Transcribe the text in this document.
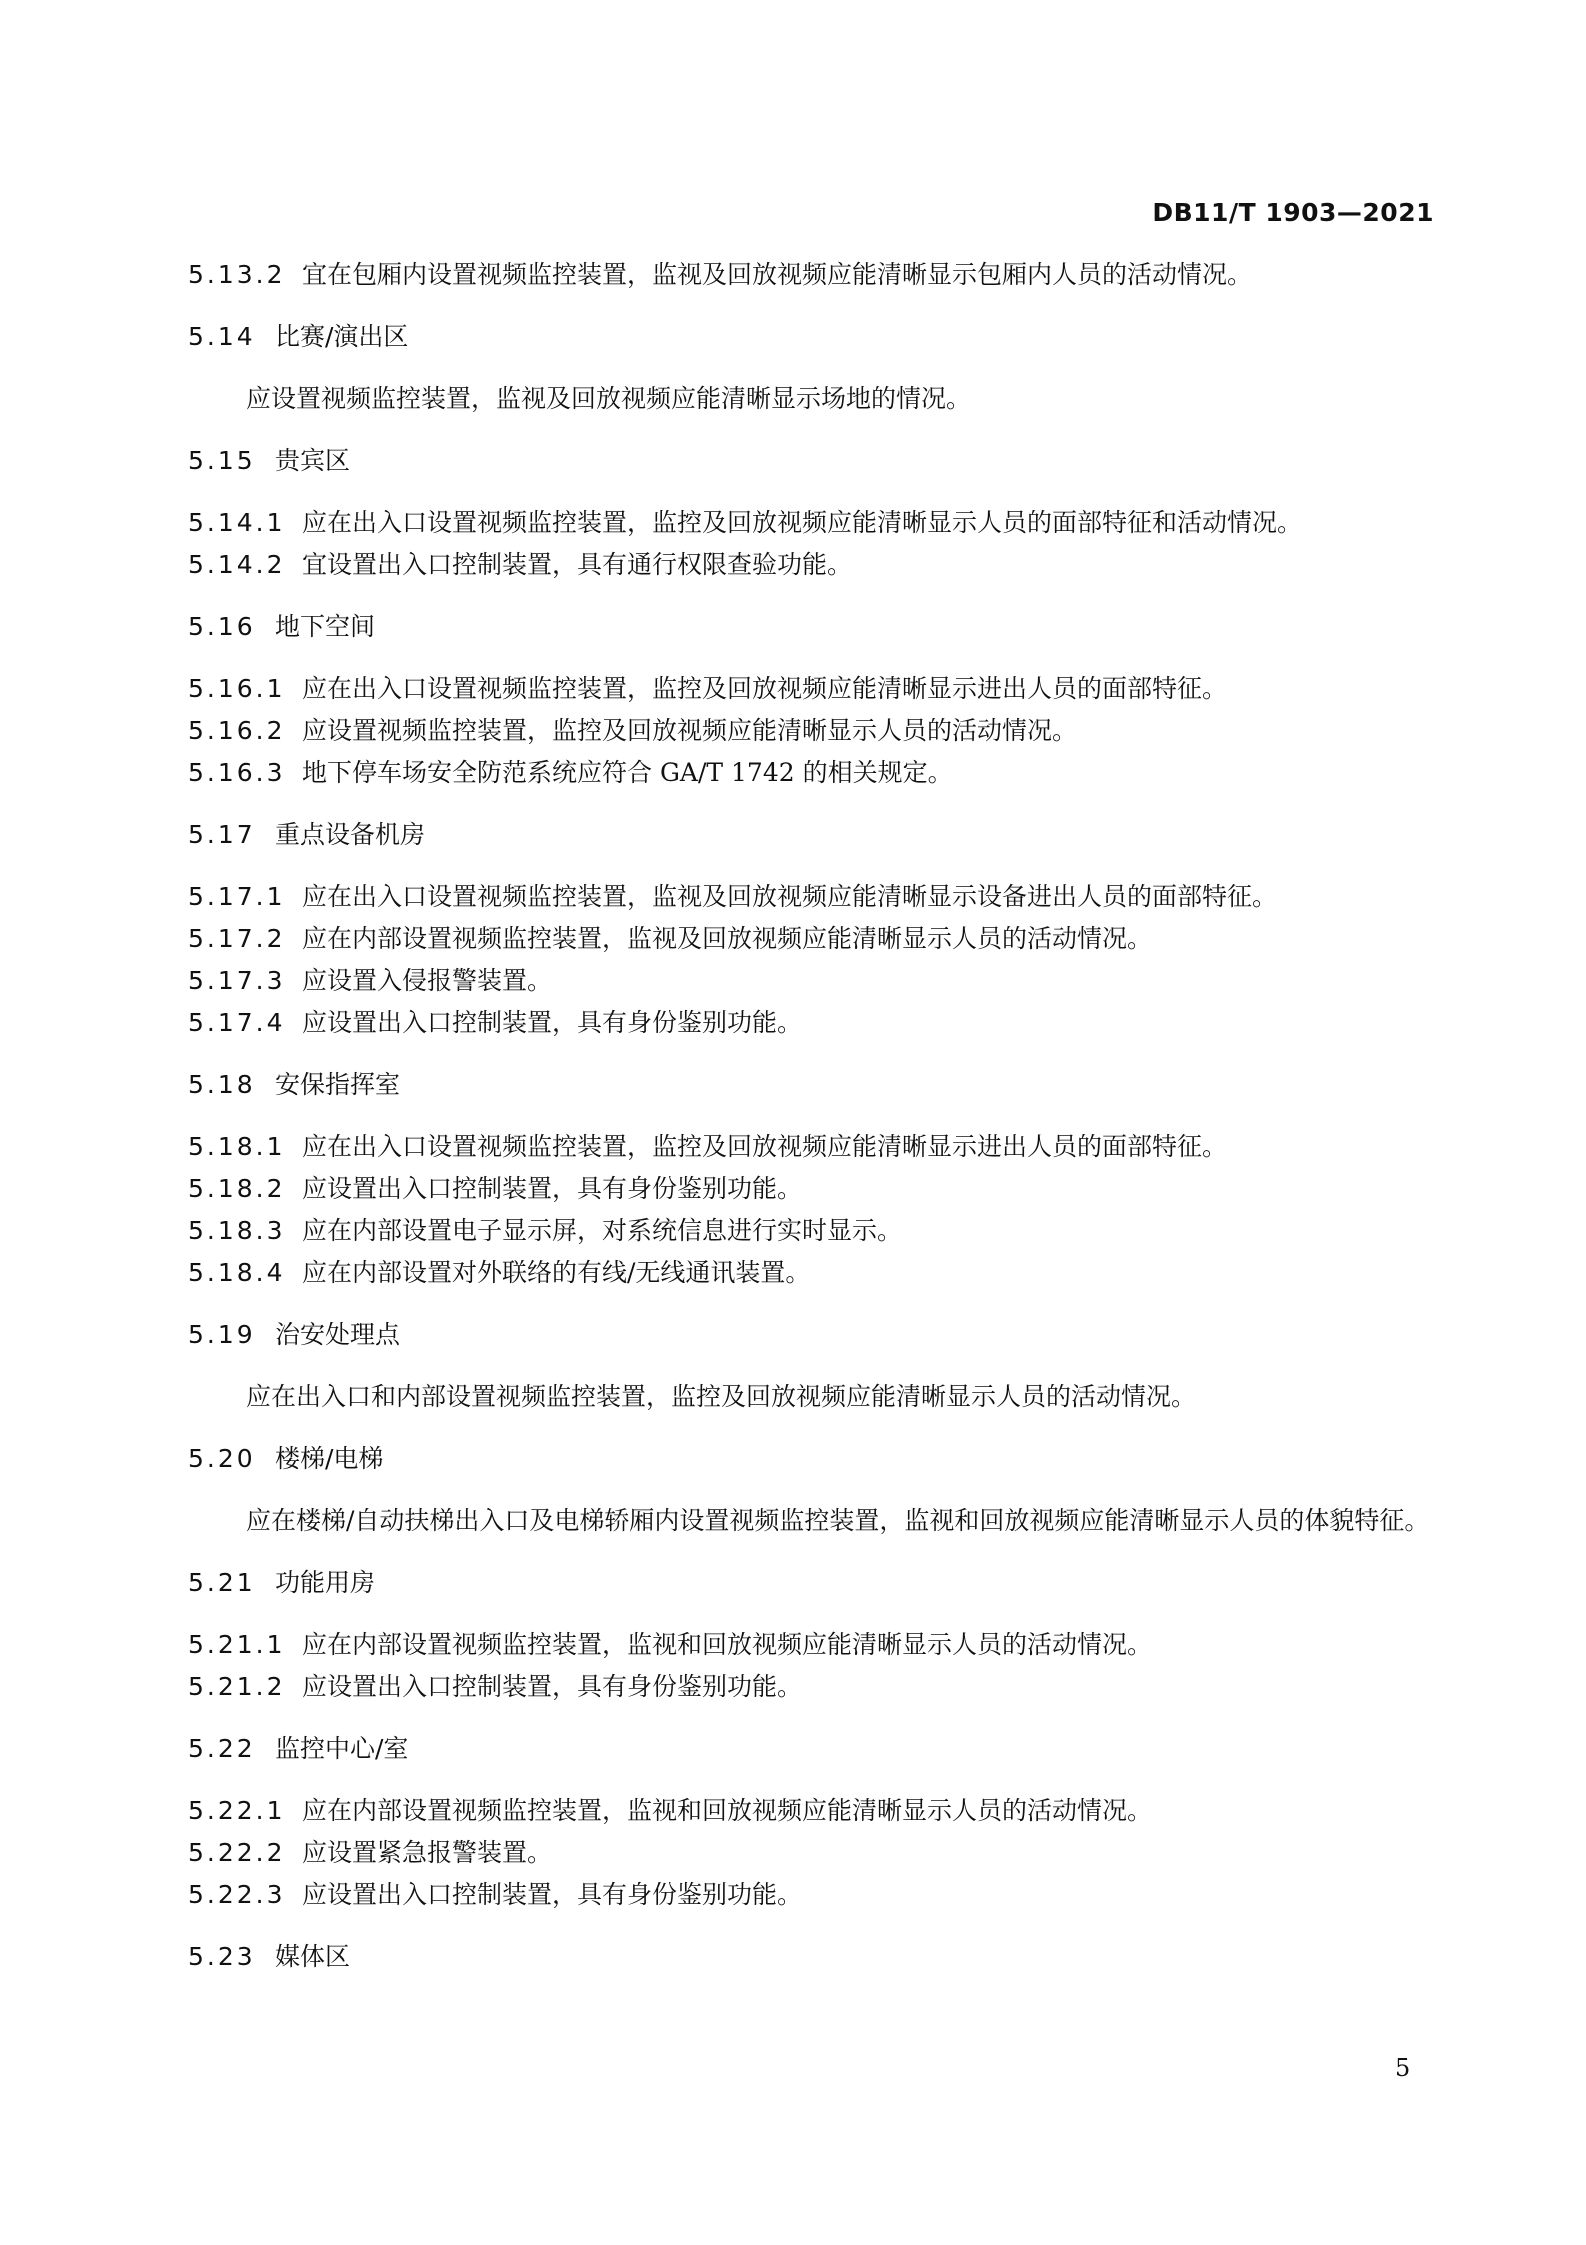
DB11/T 1903—2021
5.13.2 宜在包厢内设置视频监控装置，监视及回放视频应能清晰显示包厢内人员的活动情况。
5.14 比赛/演出区
应设置视频监控装置，监视及回放视频应能清晰显示场地的情况。
5.15 贵宾区
5.14.1 应在出入口设置视频监控装置，监控及回放视频应能清晰显示人员的面部特征和活动情况。
5.14.2 宜设置出入口控制装置，具有通行权限查验功能。
5.16 地下空间
5.16.1 应在出入口设置视频监控装置，监控及回放视频应能清晰显示进出人员的面部特征。
5.16.2 应设置视频监控装置，监控及回放视频应能清晰显示人员的活动情况。
5.16.3 地下停车场安全防范系统应符合 GA/T 1742 的相关规定。
5.17 重点设备机房
5.17.1 应在出入口设置视频监控装置，监视及回放视频应能清晰显示设备进出人员的面部特征。
5.17.2 应在内部设置视频监控装置，监视及回放视频应能清晰显示人员的活动情况。
5.17.3 应设置入侵报警装置。
5.17.4 应设置出入口控制装置，具有身份鉴别功能。
5.18 安保指挥室
5.18.1 应在出入口设置视频监控装置，监控及回放视频应能清晰显示进出人员的面部特征。
5.18.2 应设置出入口控制装置，具有身份鉴别功能。
5.18.3 应在内部设置电子显示屏，对系统信息进行实时显示。
5.18.4 应在内部设置对外联络的有线/无线通讯装置。
5.19 治安处理点
应在出入口和内部设置视频监控装置，监控及回放视频应能清晰显示人员的活动情况。
5.20 楼梯/电梯
应在楼梯/自动扶梯出入口及电梯轿厢内设置视频监控装置，监视和回放视频应能清晰显示人员的体貌特征。
5.21 功能用房
5.21.1 应在内部设置视频监控装置，监视和回放视频应能清晰显示人员的活动情况。
5.21.2 应设置出入口控制装置，具有身份鉴别功能。
5.22 监控中心/室
5.22.1 应在内部设置视频监控装置，监视和回放视频应能清晰显示人员的活动情况。
5.22.2 应设置紧急报警装置。
5.22.3 应设置出入口控制装置，具有身份鉴别功能。
5.23 媒体区
5
